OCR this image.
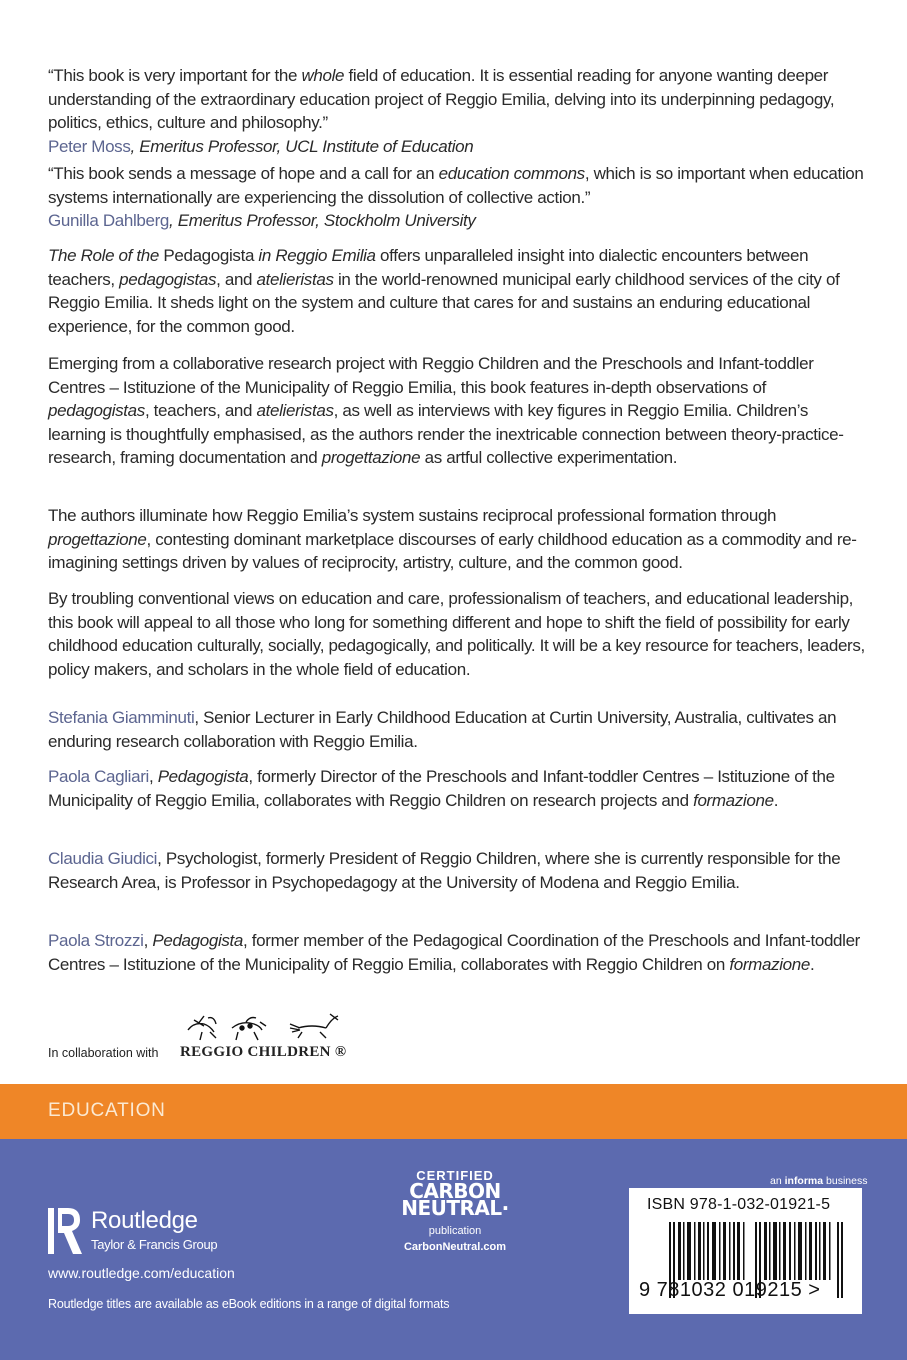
“This book is very important for the whole field of education. It is essential reading for anyone wanting deeper understanding of the extraordinary education project of Reggio Emilia, delving into its underpinning pedagogy, politics, ethics, culture and philosophy.”

Peter Moss, Emeritus Professor, UCL Institute of Education

“This book sends a message of hope and a call for an education commons, which is so important when education systems internationally are experiencing the dissolution of collective action.”

Gunilla Dahlberg, Emeritus Professor, Stockholm University

The Role of the Pedagogista in Reggio Emilia offers unparalleled insight into dialectic encounters between teachers, pedagogistas, and atelieristas in the world-renowned municipal early childhood services of the city of Reggio Emilia. It sheds light on the system and culture that cares for and sustains an enduring educational experience, for the common good.

Emerging from a collaborative research project with Reggio Children and the Preschools and Infant-toddler Centres – Istituzione of the Municipality of Reggio Emilia, this book features in-depth observations of pedagogistas, teachers, and atelieristas, as well as interviews with key figures in Reggio Emilia. Children’s learning is thoughtfully emphasised, as the authors render the inextricable connection between theory-practice-research, framing documentation and progettazione as artful collective experimentation.

The authors illuminate how Reggio Emilia’s system sustains reciprocal professional formation through progettazione, contesting dominant marketplace discourses of early childhood education as a commodity and re-imagining settings driven by values of reciprocity, artistry, culture, and the common good.

By troubling conventional views on education and care, professionalism of teachers, and educational leadership, this book will appeal to all those who long for something different and hope to shift the field of possibility for early childhood education culturally, socially, pedagogically, and politically. It will be a key resource for teachers, leaders, policy makers, and scholars in the whole field of education.

Stefania Giamminuti, Senior Lecturer in Early Childhood Education at Curtin University, Australia, cultivates an enduring research collaboration with Reggio Emilia.

Paola Cagliari, Pedagogista, formerly Director of the Preschools and Infant-toddler Centres – Istituzione of the Municipality of Reggio Emilia, collaborates with Reggio Children on research projects and formazione.

Claudia Giudici, Psychologist, formerly President of Reggio Children, where she is currently responsible for the Research Area, is Professor in Psychopedagogy at the University of Modena and Reggio Emilia.

Paola Strozzi, Pedagogista, former member of the Pedagogical Coordination of the Preschools and Infant-toddler Centres – Istituzione of the Municipality of Reggio Emilia, collaborates with Reggio Children on formazione.

In collaboration with REGGIO CHILDREN ®
EDUCATION
Routledge
Taylor & Francis Group
www.routledge.com/education
Routledge titles are available as eBook editions in a range of digital formats
CERTIFIED
CARBON
NEUTRAL·
publication
CarbonNeutral.com
an informa business
ISBN 978-1-032-01921-5
9 781032 019215 >
